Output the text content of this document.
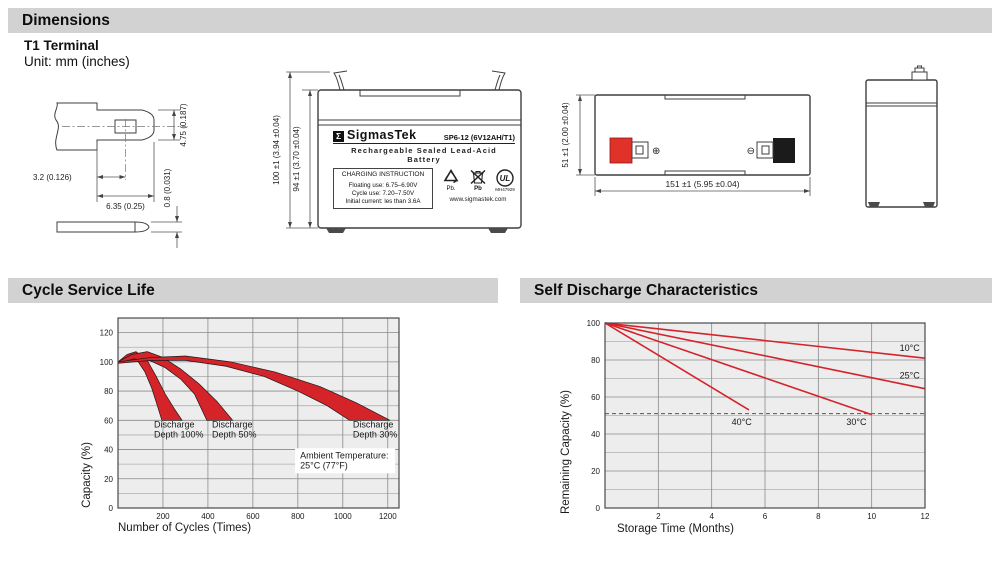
Dimensions
T1 Terminal
Unit: mm (inches)
4.75 (0.187)
3.2 (0.126)
6.35 (0.25) 0.8 (0.031)
100 ±1 (3.94 ±0.04) 94 ±1 (3.70 ±0.04)	Σ SigmasTek	SP6-12 (6V12AH/T1)
Rechargeable Sealed Lead-Acid Battery
CHARGING INSTRUCTION
Floating use: 6.75–6.90V
Cycle use: 7.20–7.50V
Initial current: les than 3.6A
Pb.	Pb
UL
MH47929
www.sigmastek.com
⊕	⊖
51 ±1 (2.00 ±0.04)
151 ±1 (5.95 ±0.04)
Cycle Service Life	Self Discharge Characteristics
0
20
40
60
80
100
120
200	400	600	800	1000	1200
Number of Cycles (Times)
Capacity (%)
Discharge
Depth 100%
Discharge
Depth 50%
Discharge
Depth 30%
Ambient Temperature:
25°C (77°F)
10°C
25°C
30°C
40°C
0
20
40
60
80
100
2	4	6	8	10	12
Storage Time (Months)
Remaining Capacity (%)
